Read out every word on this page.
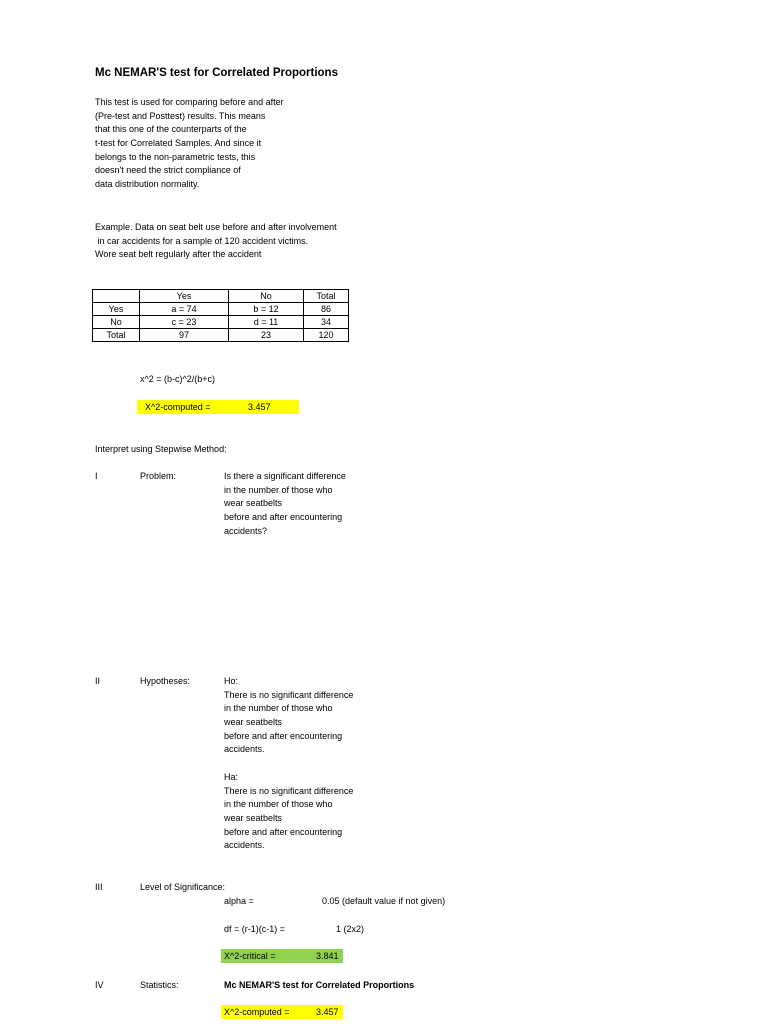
Mc NEMAR'S test for Correlated Proportions
This test is used for comparing before and after
(Pre-test and Posttest) results. This means
that this one of the counterparts of the
t-test for Correlated Samples. And since it
belongs to the non-parametric tests, this
doesn't need the strict compliance of
data distribution normality.
Example. Data on seat belt use before and after involvement
in car accidents for a sample of 120 accident victims.
Wore seat belt regularly after the accident
	Yes	No	Total
Yes	a = 74	b = 12	86
No	c = 23	d = 11	34
Total	97	23	120
x^2 = (b-c)^2/(b+c)
X^2-computed =	3.457
Interpret using Stepwise Method:
I	Problem:	Is there a significant difference
in the number of those who
wear seatbelts
before and after encountering
accidents?
II	Hypotheses:	Ho:
There is no significant difference
in the number of those who
wear seatbelts
before and after encountering
accidents.
Ha:
There is no significant difference
in the number of those who
wear seatbelts
before and after encountering
accidents.
III	Level of Significance:
alpha =	0.05 (default value if not given)
df = (r-1)(c-1) =	1 (2x2)
X^2-critical =	3.841
IV	Statistics:	Mc NEMAR'S test for Correlated Proportions
X^2-computed =	3.457
